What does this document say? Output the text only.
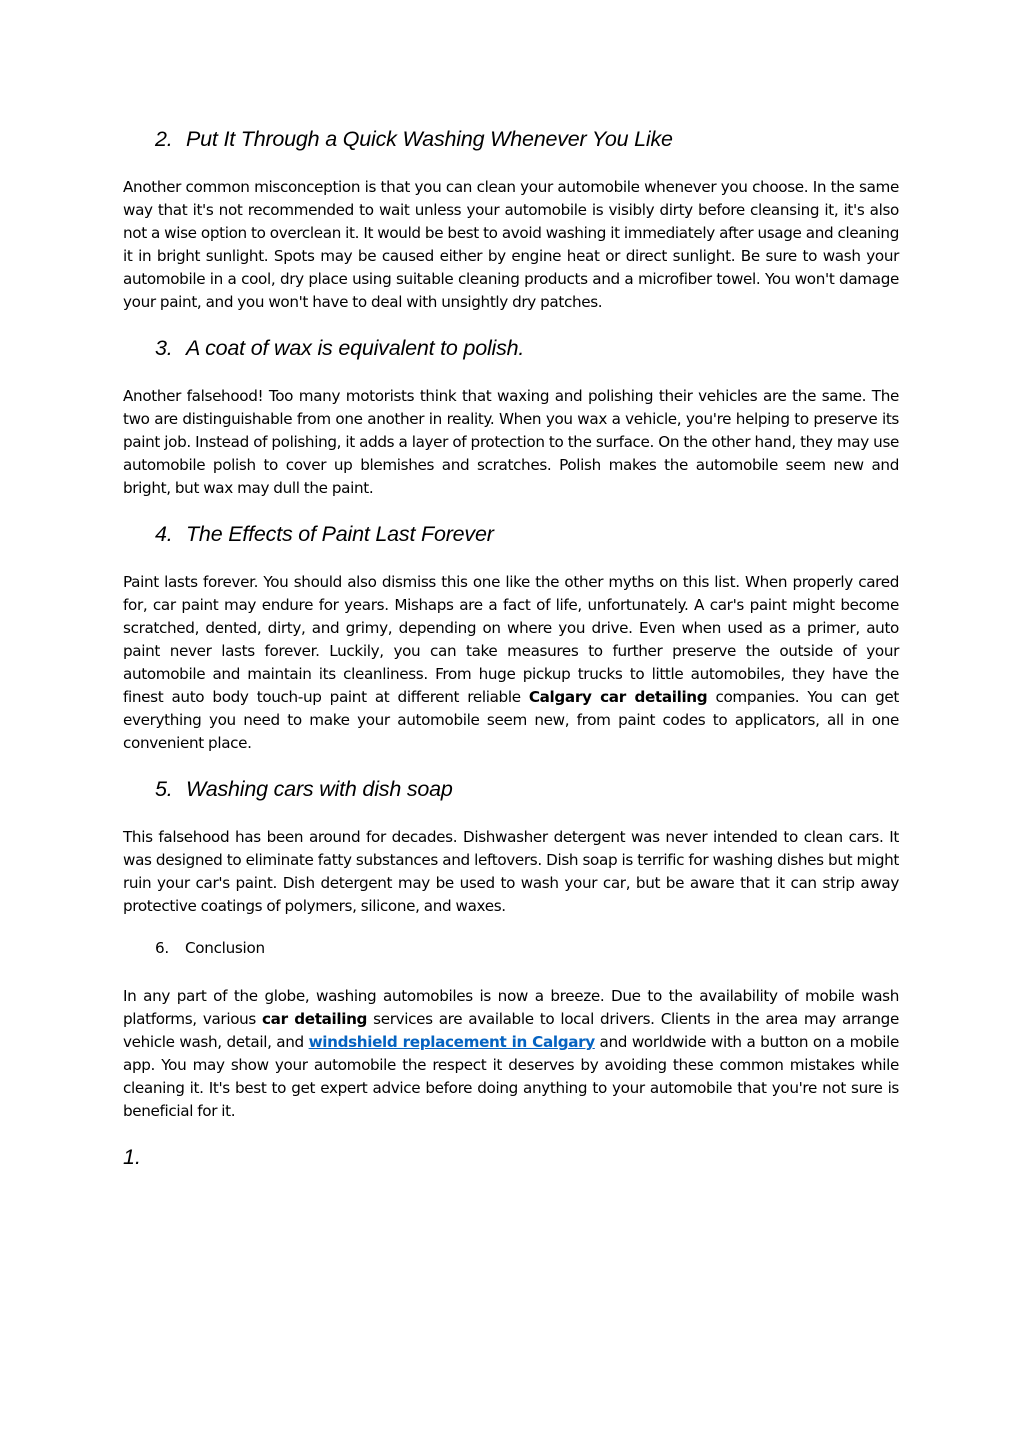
2. Put It Through a Quick Washing Whenever You Like

Another common misconception is that you can clean your automobile whenever you choose. In the same way that it's not recommended to wait unless your automobile is visibly dirty before cleansing it, it's also not a wise option to overclean it. It would be best to avoid washing it immediately after usage and cleaning it in bright sunlight. Spots may be caused either by engine heat or direct sunlight. Be sure to wash your automobile in a cool, dry place using suitable cleaning products and a microfiber towel. You won't damage your paint, and you won't have to deal with unsightly dry patches.

3. A coat of wax is equivalent to polish.

Another falsehood! Too many motorists think that waxing and polishing their vehicles are the same. The two are distinguishable from one another in reality. When you wax a vehicle, you're helping to preserve its paint job. Instead of polishing, it adds a layer of protection to the surface. On the other hand, they may use automobile polish to cover up blemishes and scratches. Polish makes the automobile seem new and bright, but wax may dull the paint.

4. The Effects of Paint Last Forever

Paint lasts forever. You should also dismiss this one like the other myths on this list. When properly cared for, car paint may endure for years. Mishaps are a fact of life, unfortunately. A car's paint might become scratched, dented, dirty, and grimy, depending on where you drive. Even when used as a primer, auto paint never lasts forever. Luckily, you can take measures to further preserve the outside of your automobile and maintain its cleanliness. From huge pickup trucks to little automobiles, they have the finest auto body touch-up paint at different reliable Calgary car detailing companies. You can get everything you need to make your automobile seem new, from paint codes to applicators, all in one convenient place.

5. Washing cars with dish soap

This falsehood has been around for decades. Dishwasher detergent was never intended to clean cars. It was designed to eliminate fatty substances and leftovers. Dish soap is terrific for washing dishes but might ruin your car's paint. Dish detergent may be used to wash your car, but be aware that it can strip away protective coatings of polymers, silicone, and waxes.

6. Conclusion

In any part of the globe, washing automobiles is now a breeze. Due to the availability of mobile wash platforms, various car detailing services are available to local drivers. Clients in the area may arrange vehicle wash, detail, and windshield replacement in Calgary and worldwide with a button on a mobile app. You may show your automobile the respect it deserves by avoiding these common mistakes while cleaning it. It's best to get expert advice before doing anything to your automobile that you're not sure is beneficial for it.

1.
